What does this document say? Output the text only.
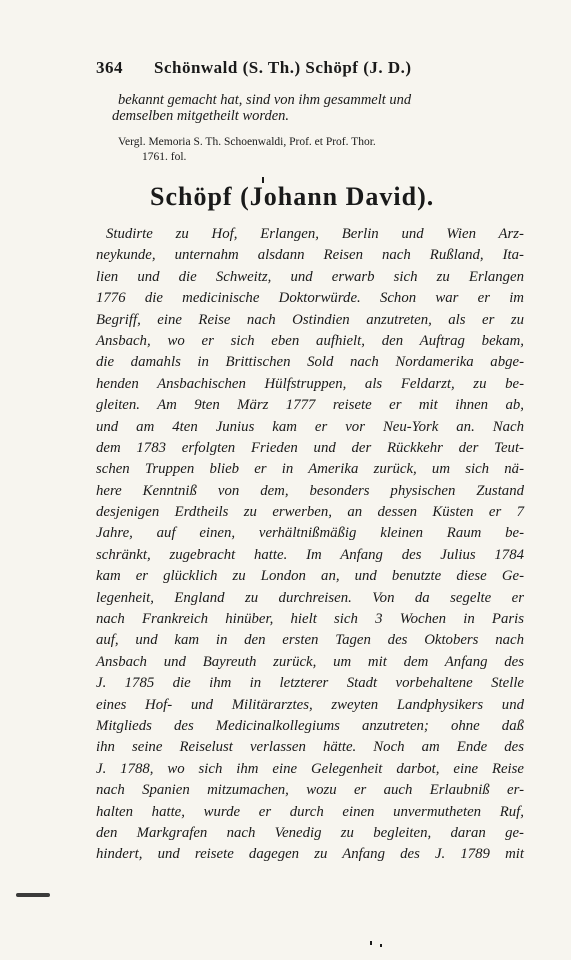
364 Schönwald (S. Th.) Schöpf (J. D.)
bekannt gemacht hat, sind von ihm gesammelt und
demselben mitgetheilt worden.
Vergl. Memoria S. Th. Schoenwaldi, Prof. et Prof. Thor.
1761. fol.
Schöpf (Johann David).
Studirte zu Hof, Erlangen, Berlin und Wien Arz-
neykunde, unternahm alsdann Reisen nach Rußland, Ita-
lien und die Schweitz, und erwarb sich zu Erlangen
1776 die medicinische Doktorwürde. Schon war er im
Begriff, eine Reise nach Ostindien anzutreten, als er zu
Ansbach, wo er sich eben aufhielt, den Auftrag bekam,
die damahls in Brittischen Sold nach Nordamerika abge-
henden Ansbachischen Hülfstruppen, als Feldarzt, zu be-
gleiten. Am 9ten März 1777 reisete er mit ihnen ab,
und am 4ten Junius kam er vor Neu-York an. Nach
dem 1783 erfolgten Frieden und der Rückkehr der Teut-
schen Truppen blieb er in Amerika zurück, um sich nä-
here Kenntniß von dem, besonders physischen Zustand
desjenigen Erdtheils zu erwerben, an dessen Küsten er 7
Jahre, auf einen, verhältnißmäßig kleinen Raum be-
schränkt, zugebracht hatte. Im Anfang des Julius 1784
kam er glücklich zu London an, und benutzte diese Ge-
legenheit, England zu durchreisen. Von da segelte er
nach Frankreich hinüber, hielt sich 3 Wochen in Paris
auf, und kam in den ersten Tagen des Oktobers nach
Ansbach und Bayreuth zurück, um mit dem Anfang des
J. 1785 die ihm in letzterer Stadt vorbehaltene Stelle
eines Hof- und Militärarztes, zweyten Landphysikers und
Mitglieds des Medicinalkollegiums anzutreten; ohne daß
ihn seine Reiselust verlassen hätte. Noch am Ende des
J. 1788, wo sich ihm eine Gelegenheit darbot, eine Reise
nach Spanien mitzumachen, wozu er auch Erlaubniß er-
halten hatte, wurde er durch einen unvermutheten Ruf,
den Markgrafen nach Venedig zu begleiten, daran ge-
hindert, und reisete dagegen zu Anfang des J. 1789 mit
